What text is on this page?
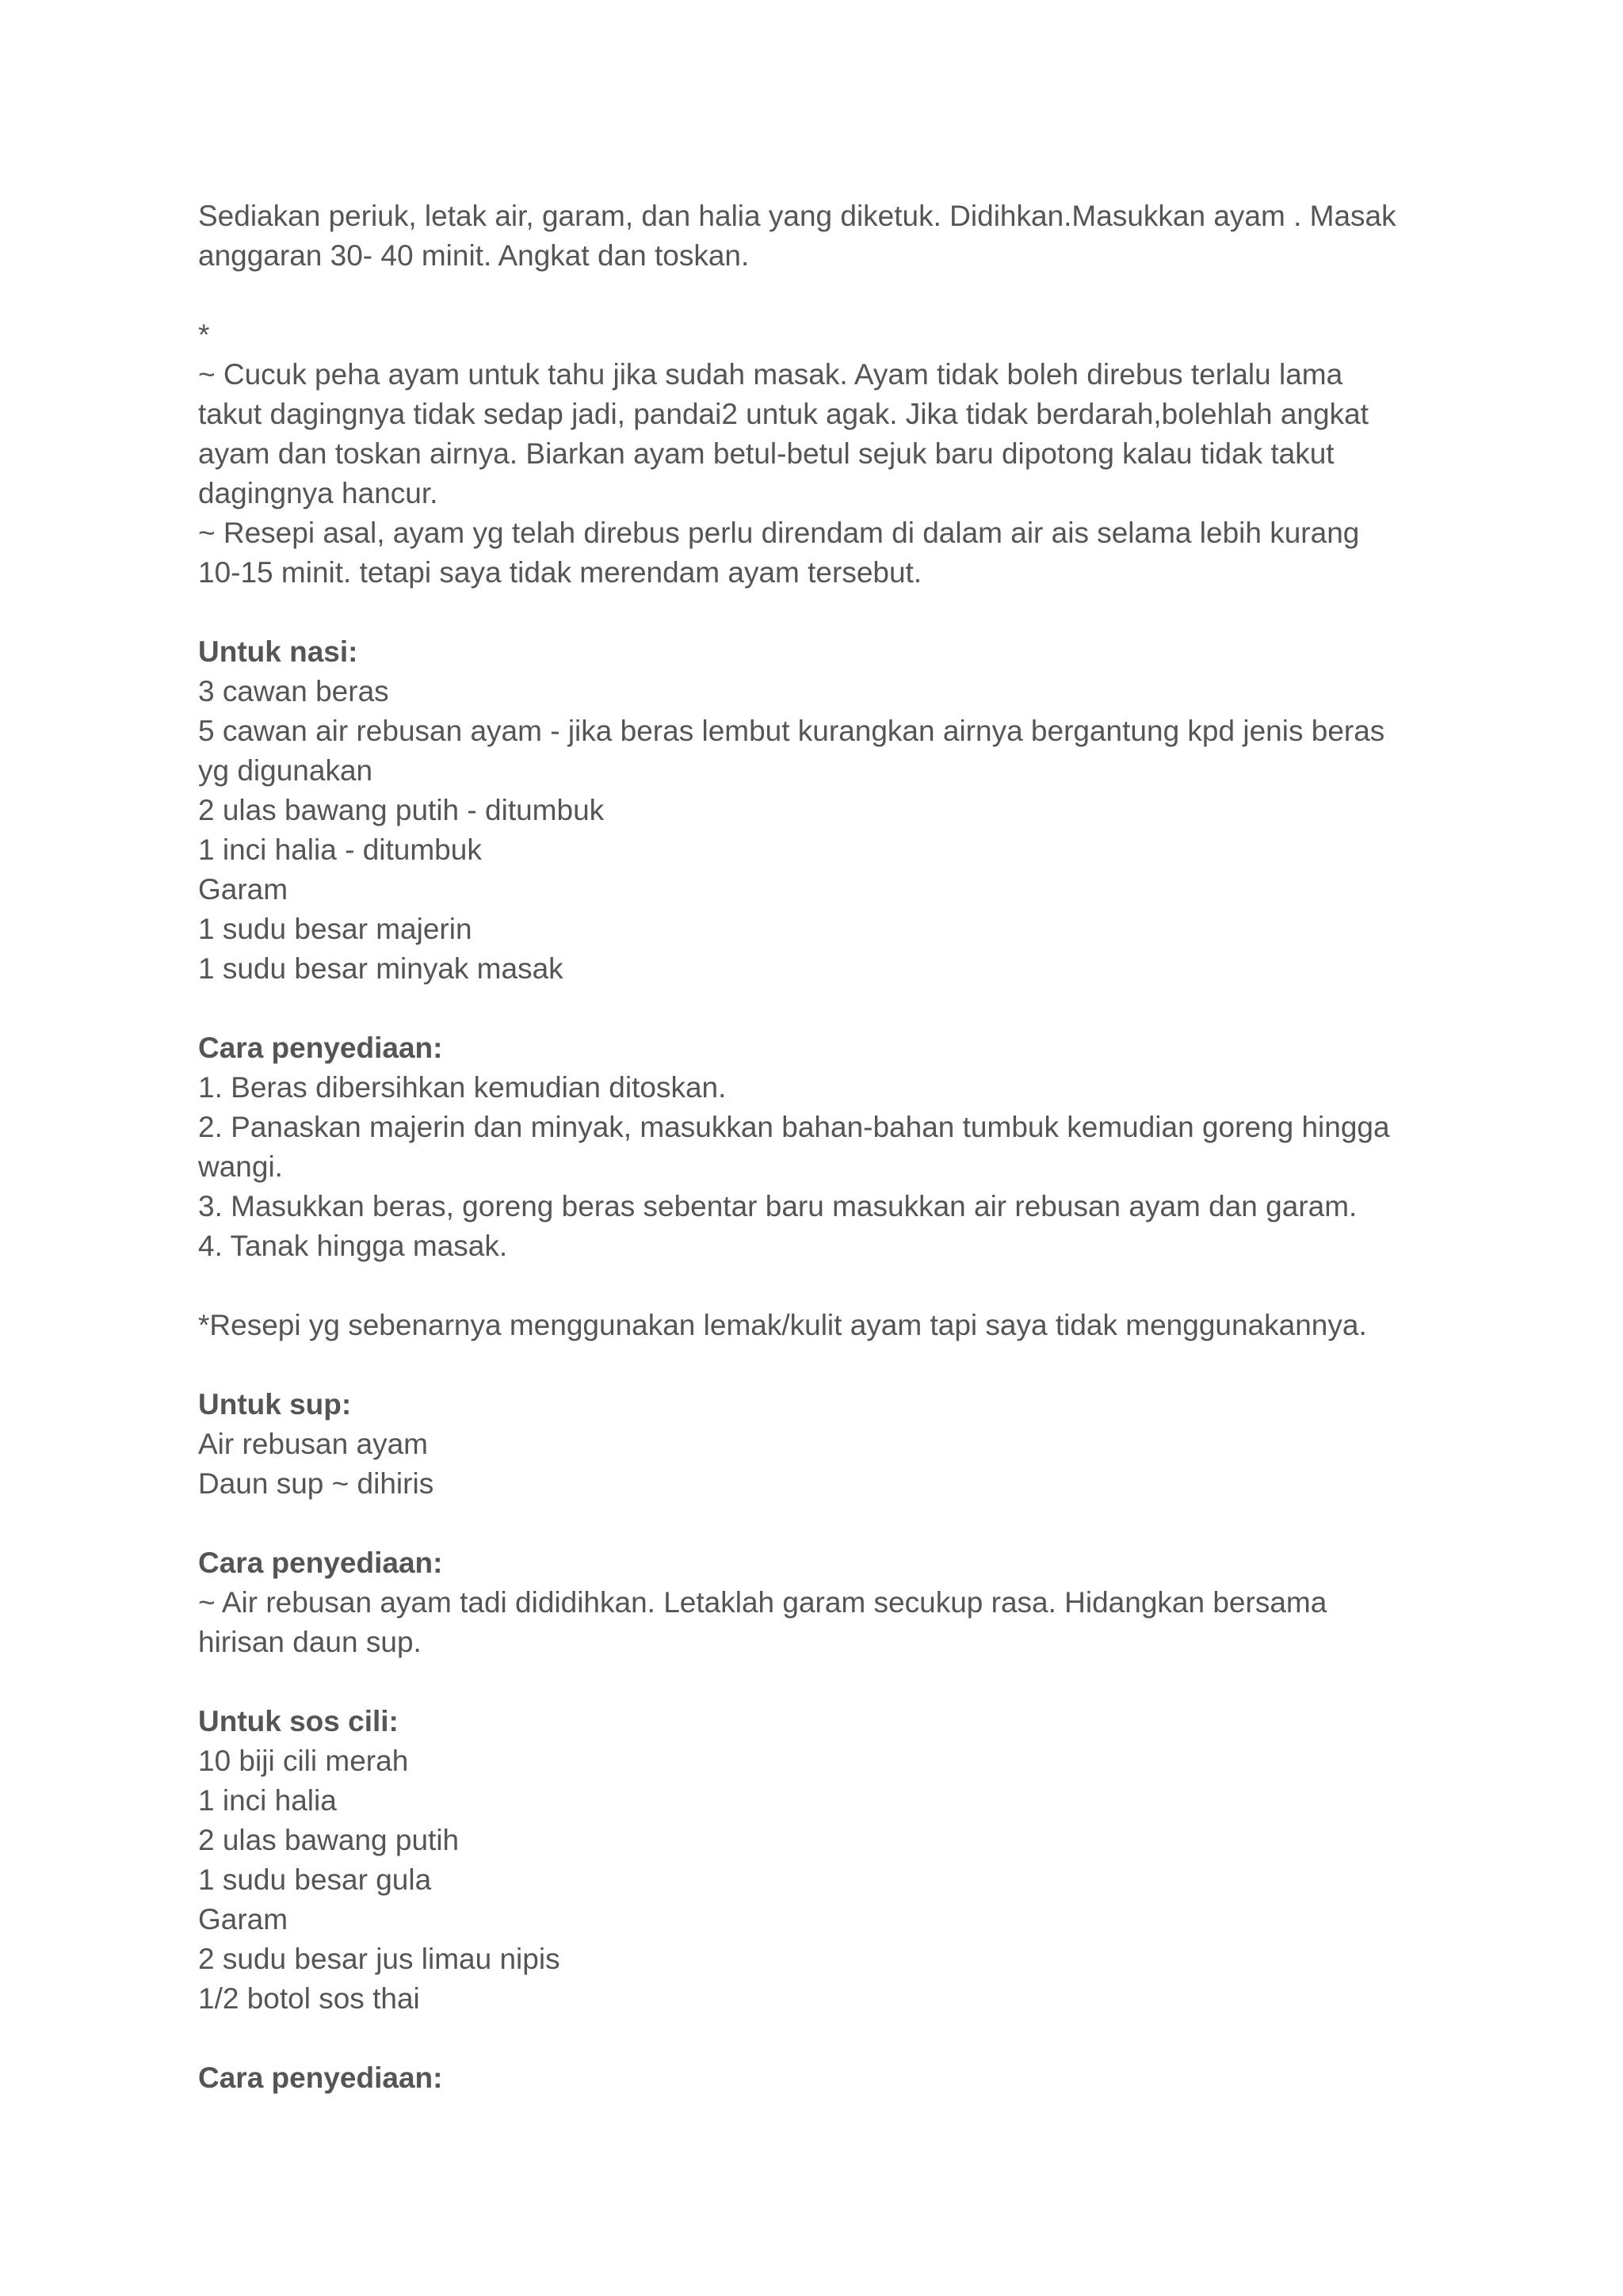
Sediakan periuk, letak air, garam, dan halia yang diketuk. Didihkan.Masukkan ayam . Masak
anggaran 30- 40 minit. Angkat dan toskan.
*
~ Cucuk peha ayam untuk tahu jika sudah masak. Ayam tidak boleh direbus terlalu lama
takut dagingnya tidak sedap jadi, pandai2 untuk agak. Jika tidak berdarah,bolehlah angkat
ayam dan toskan airnya. Biarkan ayam betul-betul sejuk baru dipotong kalau tidak takut
dagingnya hancur.
~ Resepi asal, ayam yg telah direbus perlu direndam di dalam air ais selama lebih kurang
10-15 minit. tetapi saya tidak merendam ayam tersebut.
Untuk nasi:
3 cawan beras
5 cawan air rebusan ayam - jika beras lembut kurangkan airnya bergantung kpd jenis beras
yg digunakan
2 ulas bawang putih - ditumbuk
1 inci halia - ditumbuk
Garam
1 sudu besar majerin
1 sudu besar minyak masak
Cara penyediaan:
1. Beras dibersihkan kemudian ditoskan.
2. Panaskan majerin dan minyak, masukkan bahan-bahan tumbuk kemudian goreng hingga
wangi.
3. Masukkan beras, goreng beras sebentar baru masukkan air rebusan ayam dan garam.
4. Tanak hingga masak.
*Resepi yg sebenarnya menggunakan lemak/kulit ayam tapi saya tidak menggunakannya.
Untuk sup:
Air rebusan ayam
Daun sup ~ dihiris
Cara penyediaan:
~ Air rebusan ayam tadi dididihkan. Letaklah garam secukup rasa. Hidangkan bersama
hirisan daun sup.
Untuk sos cili:
10 biji cili merah
1 inci halia
2 ulas bawang putih
1 sudu besar gula
Garam
2 sudu besar jus limau nipis
1/2 botol sos thai
Cara penyediaan:
